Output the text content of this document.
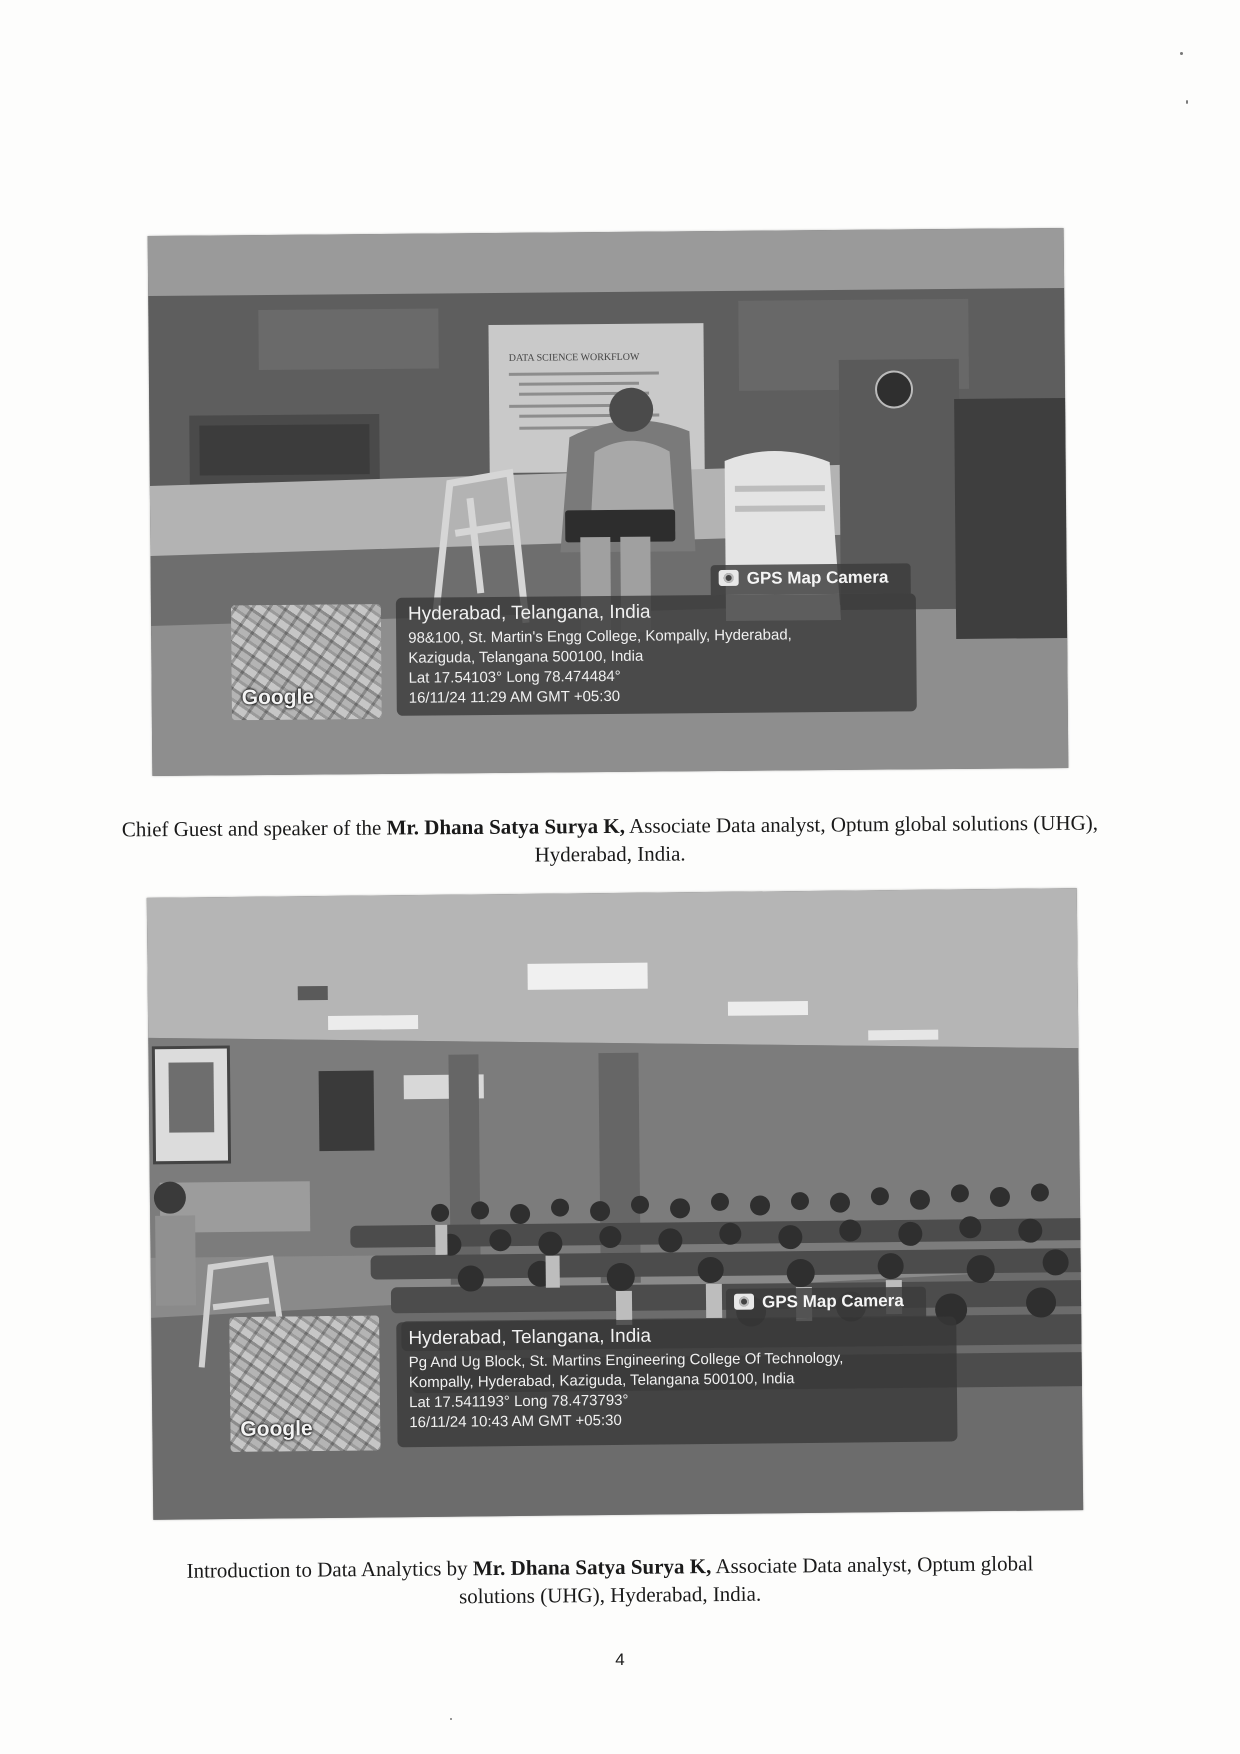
DATA SCIENCE WORKFLOW
Google
GPS Map Camera
Hyderabad, Telangana, India
98&100, St. Martin's Engg College, Kompally, Hyderabad,
Kaziguda, Telangana 500100, India
Lat 17.54103° Long 78.474484°
16/11/24 11:29 AM GMT +05:30
Chief Guest and speaker of the Mr. Dhana Satya Surya K, Associate Data analyst, Optum global solutions (UHG),
Hyderabad, India.
Google
GPS Map Camera
Hyderabad, Telangana, India
Pg And Ug Block, St. Martins Engineering College Of Technology,
Kompally, Hyderabad, Kaziguda, Telangana 500100, India
Lat 17.541193° Long 78.473793°
16/11/24 10:43 AM GMT +05:30
Introduction to Data Analytics by Mr. Dhana Satya Surya K, Associate Data analyst, Optum global
solutions (UHG), Hyderabad, India.
4
